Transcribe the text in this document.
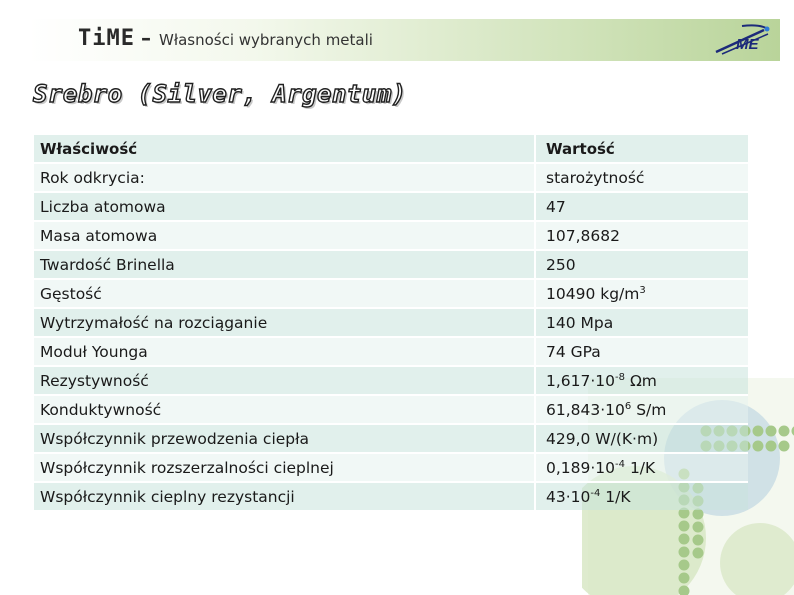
TiME – Własności wybranych metali	ME
Srebro (Silver, Argentum)
Właściwość	Wartość
Rok odkrycia:	starożytność
Liczba atomowa	47
Masa atomowa	107,8682
Twardość Brinella	250
Gęstość	10490 $kg/m^3$
Wytrzymałość na rozciąganie	140 Mpa
Moduł Younga	74 GPa
Rezystywność	$1,617\cdot 10^{-8}$ Ωm
Konduktywność	$61,843\cdot 10^6$ S/m
Współczynnik przewodzenia ciepła	429,0 W/(K·m)
Współczynnik rozszerzalności cieplnej	$0,189\cdot 10^{-4}$ 1/K
Współczynnik cieplny rezystancji	$43\cdot 10^{-4}$ 1/K
